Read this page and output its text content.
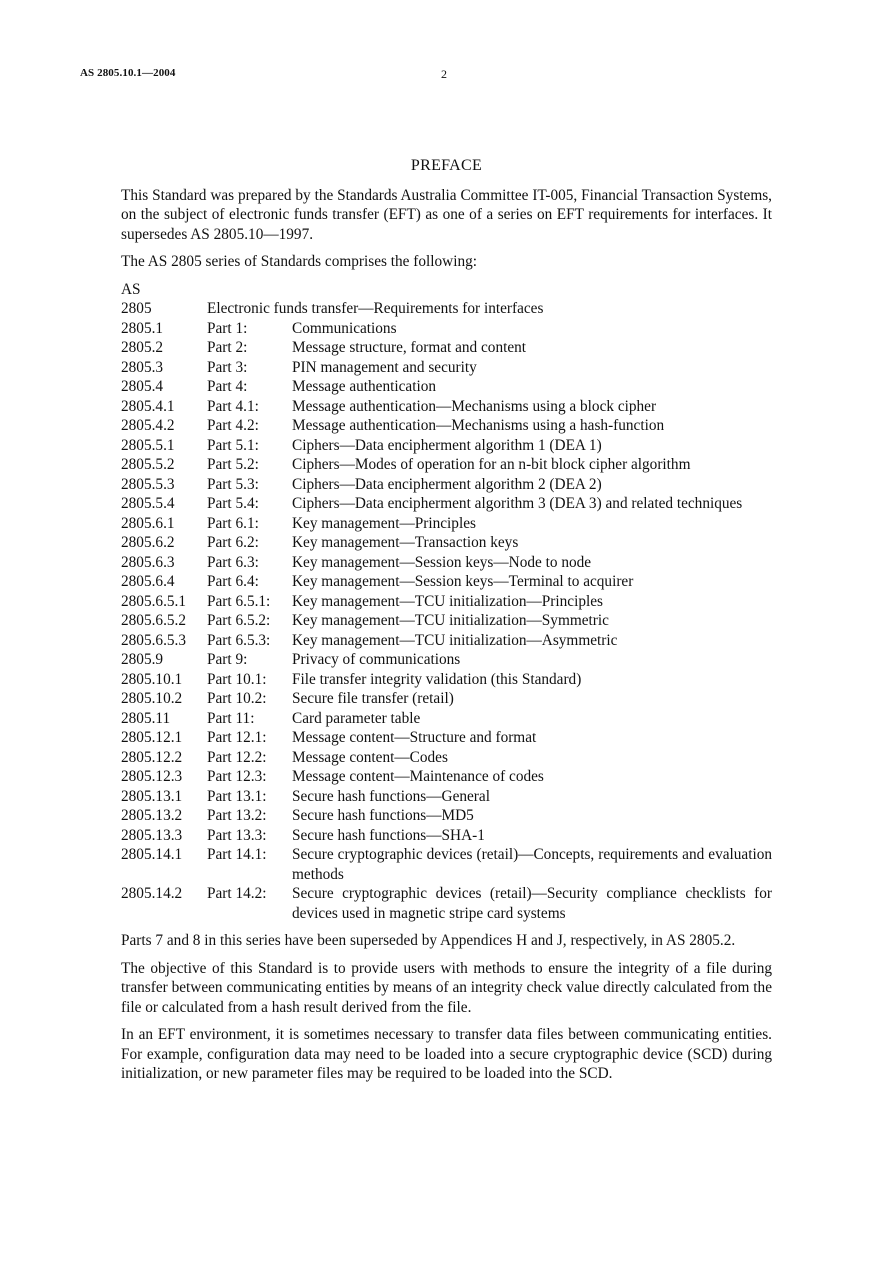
AS 2805.10.1—2004	2
PREFACE
This Standard was prepared by the Standards Australia Committee IT-005, Financial Transaction Systems, on the subject of electronic funds transfer (EFT) as one of a series on EFT requirements for interfaces. It supersedes AS 2805.10—1997.
The AS 2805 series of Standards comprises the following:
AS
2805	Electronic funds transfer—Requirements for interfaces
2805.1	Part 1:	Communications
2805.2	Part 2:	Message structure, format and content
2805.3	Part 3:	PIN management and security
2805.4	Part 4:	Message authentication
2805.4.1	Part 4.1:	Message authentication—Mechanisms using a block cipher
2805.4.2	Part 4.2:	Message authentication—Mechanisms using a hash-function
2805.5.1	Part 5.1:	Ciphers—Data encipherment algorithm 1 (DEA 1)
2805.5.2	Part 5.2:	Ciphers—Modes of operation for an n-bit block cipher algorithm
2805.5.3	Part 5.3:	Ciphers—Data encipherment algorithm 2 (DEA 2)
2805.5.4	Part 5.4:	Ciphers—Data encipherment algorithm 3 (DEA 3) and related techniques
2805.6.1	Part 6.1:	Key management—Principles
2805.6.2	Part 6.2:	Key management—Transaction keys
2805.6.3	Part 6.3:	Key management—Session keys—Node to node
2805.6.4	Part 6.4:	Key management—Session keys—Terminal to acquirer
2805.6.5.1	Part 6.5.1:	Key management—TCU initialization—Principles
2805.6.5.2	Part 6.5.2:	Key management—TCU initialization—Symmetric
2805.6.5.3	Part 6.5.3:	Key management—TCU initialization—Asymmetric
2805.9	Part 9:	Privacy of communications
2805.10.1	Part 10.1:	File transfer integrity validation (this Standard)
2805.10.2	Part 10.2:	Secure file transfer (retail)
2805.11	Part 11:	Card parameter table
2805.12.1	Part 12.1:	Message content—Structure and format
2805.12.2	Part 12.2:	Message content—Codes
2805.12.3	Part 12.3:	Message content—Maintenance of codes
2805.13.1	Part 13.1:	Secure hash functions—General
2805.13.2	Part 13.2:	Secure hash functions—MD5
2805.13.3	Part 13.3:	Secure hash functions—SHA-1
2805.14.1	Part 14.1:	Secure cryptographic devices (retail)—Concepts, requirements and evaluation methods
2805.14.2	Part 14.2:	Secure cryptographic devices (retail)—Security compliance checklists for devices used in magnetic stripe card systems
Parts 7 and 8 in this series have been superseded by Appendices H and J, respectively, in AS 2805.2.
The objective of this Standard is to provide users with methods to ensure the integrity of a file during transfer between communicating entities by means of an integrity check value directly calculated from the file or calculated from a hash result derived from the file.
In an EFT environment, it is sometimes necessary to transfer data files between communicating entities. For example, configuration data may need to be loaded into a secure cryptographic device (SCD) during initialization, or new parameter files may be required to be loaded into the SCD.
